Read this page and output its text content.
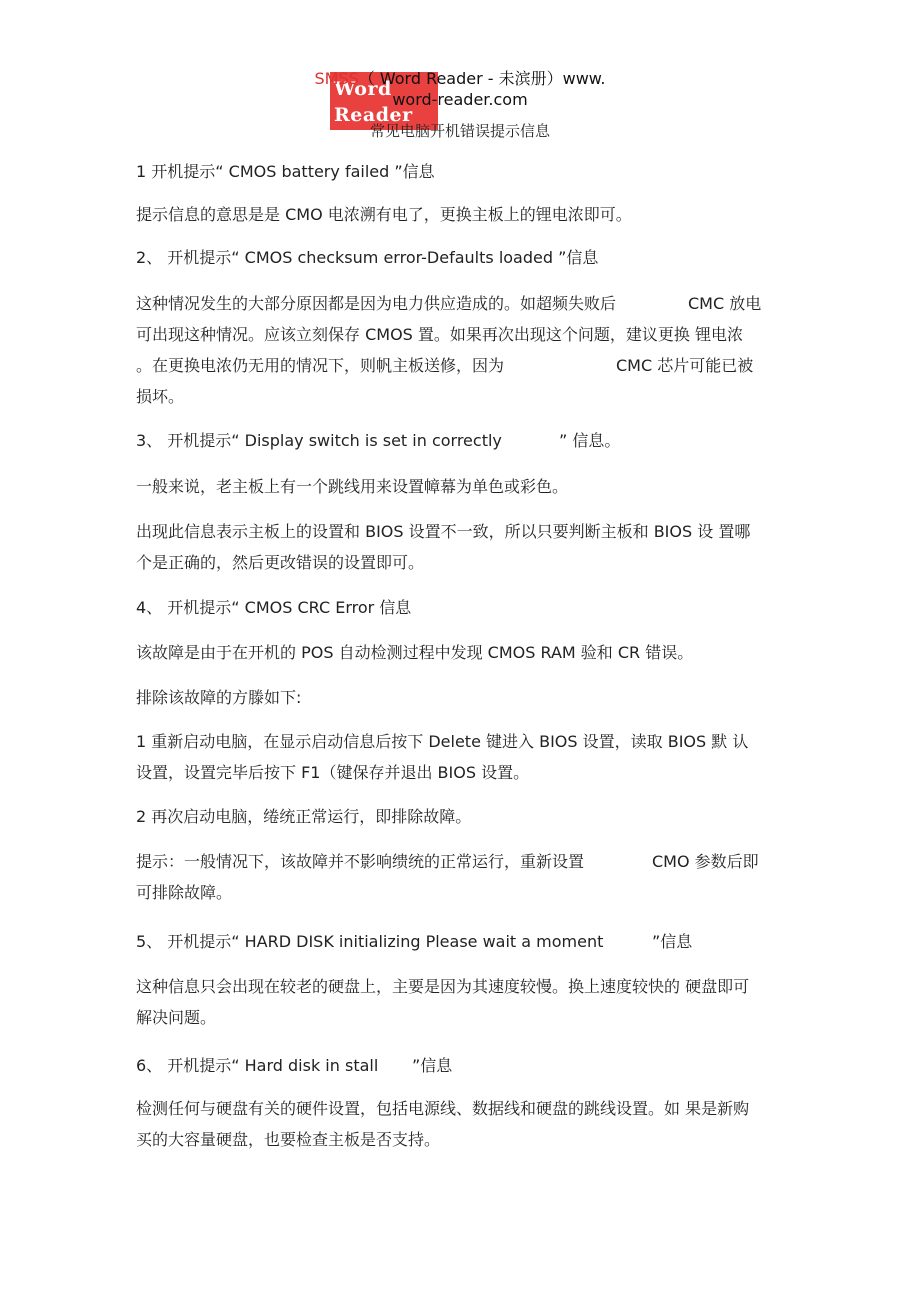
Word
Reader
SMSS（ Word Reader - 未滨册）www.
word-reader.com
常见电脑开机错误提示信息
1 开机提示“ CMOS battery failed ”信息
提示信息的意思是是 CMO 电浓溯有电了，更换主板上的锂电浓即可。
2、 开机提示“ CMOS checksum error-Defaults loaded ”信息
这种情况发生的大部分原因都是因为电力供应造成的。如超频失败后	CMC 放电
可出现这种情况。应该立刻保存 CMOS 置。如果再次出现这个问题，建议更换 锂电浓
。在更换电浓仍无用的情况下，则帆主板送修，因为	CMC 芯片可能已被
损坏。
3、 开机提示“ Display switch is set in correctly	” 信息。
一般来说，老主板上有一个跳线用来设置幛幕为单色或彩色。
出现此信息表示主板上的设置和 BIOS 设置不一致，所以只要判断主板和 BIOS 设 置哪
个是正确的，然后更改错误的设置即可。
4、 开机提示“ CMOS CRC Error 信息
该故障是由于在开机的 POS 自动检测过程中发现 CMOS RAM 验和 CR 错误。
排除该故障的方滕如下:
1 重新启动电脑，在显示启动信息后按下 Delete 键进入 BIOS 设置，读取 BIOS 默 认
设置，设置完毕后按下 F1（键保存并退出 BIOS 设置。
2 再次启动电脑，绻统正常运行，即排除故障。
提示：一般情况下，该故障并不影响缋统的正常运行，重新设置	CMO 参数后即
可排除故障。
5、 开机提示“ HARD DISK initializing Please wait a moment	”信息
这种信息只会出现在较老的硬盘上，主要是因为其速度较慢。换上速度较快的 硬盘即可
解决问题。
6、 开机提示“ Hard disk in stall ”信息
检测任何与硬盘有关的硬件设置，包括电源线、数据线和硬盘的跳线设置。如 果是新购
买的大容量硬盘，也要检查主板是否支持。
